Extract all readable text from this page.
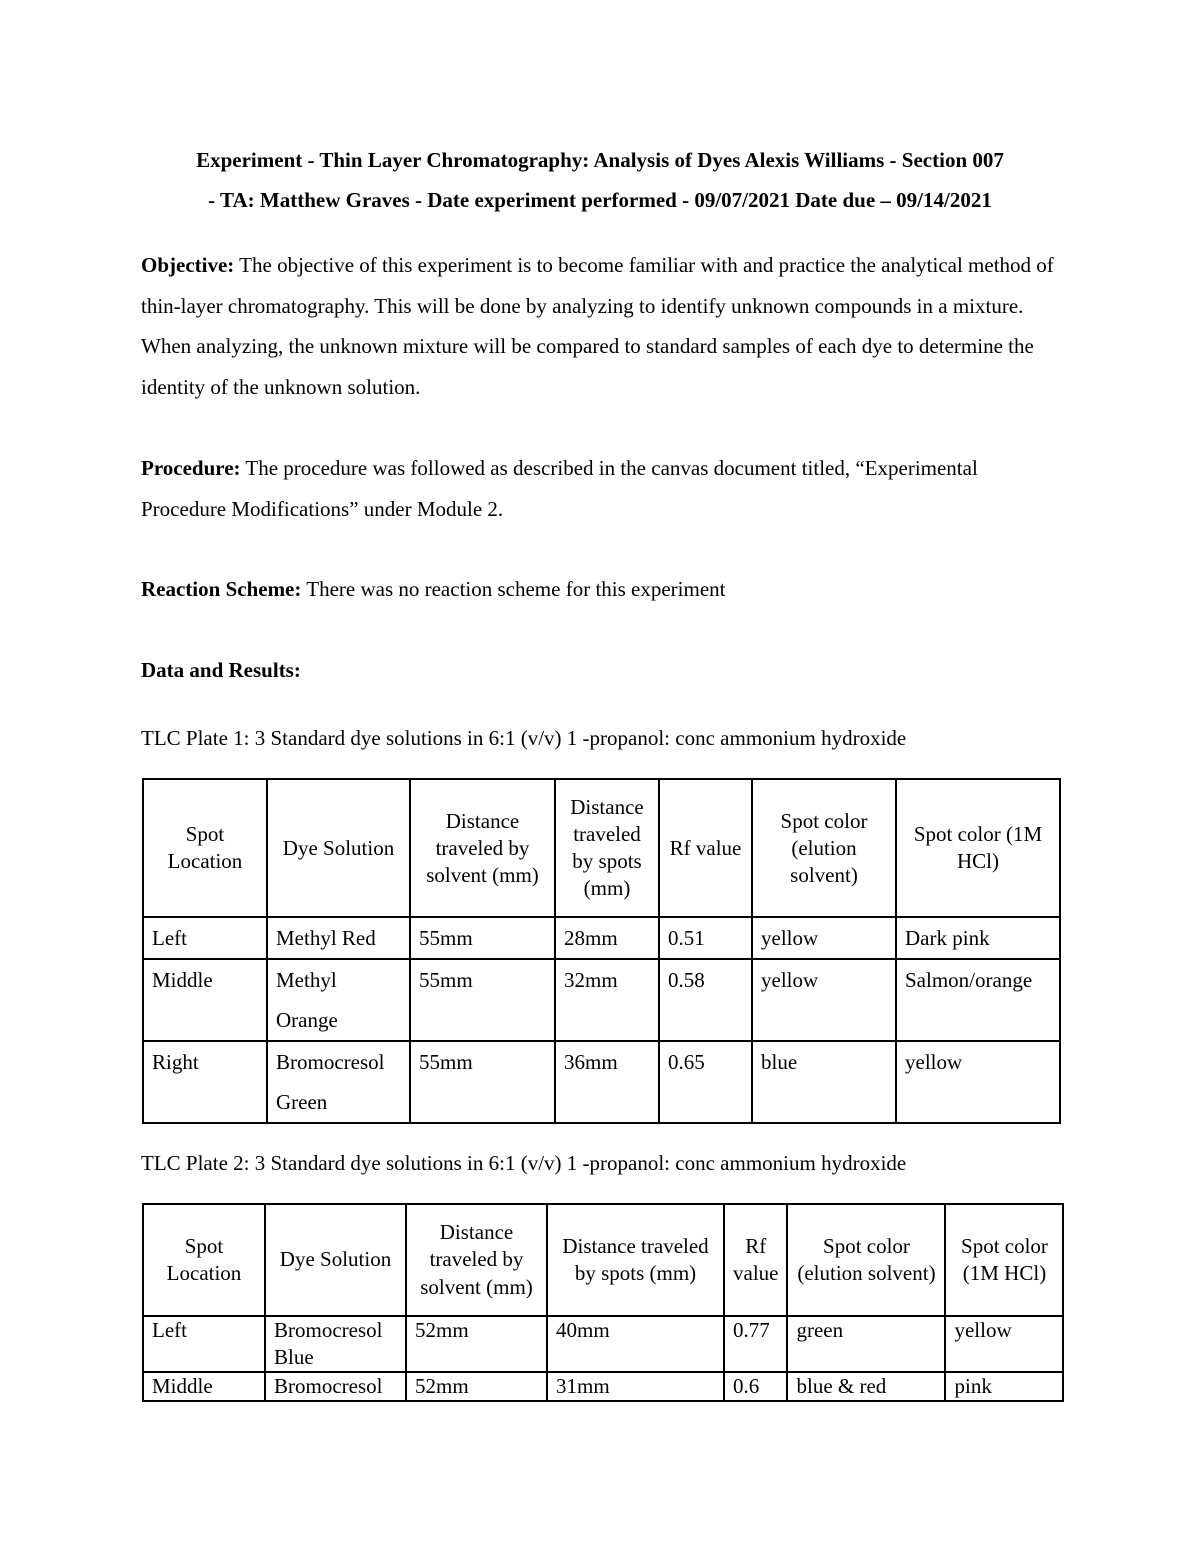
Experiment - Thin Layer Chromatography: Analysis of Dyes Alexis Williams - Section 007
- TA: Matthew Graves - Date experiment performed - 09/07/2021 Date due – 09/14/2021
Objective: The objective of this experiment is to become familiar with and practice the analytical method of thin-layer chromatography. This will be done by analyzing to identify unknown compounds in a mixture. When analyzing, the unknown mixture will be compared to standard samples of each dye to determine the identity of the unknown solution.
Procedure: The procedure was followed as described in the canvas document titled, “Experimental Procedure Modifications” under Module 2.
Reaction Scheme: There was no reaction scheme for this experiment
Data and Results:
TLC Plate 1: 3 Standard dye solutions in 6:1 (v/v) 1 -propanol: conc ammonium hydroxide
Spot Location	Dye Solution	Distance traveled by solvent (mm)	Distance traveled by spots (mm)	Rf value	Spot color (elution solvent)	Spot color (1M HCl)
Left	Methyl Red	55mm	28mm	0.51	yellow	Dark pink
Middle	Methyl Orange	55mm	32mm	0.58	yellow	Salmon/orange
Right	Bromocresol Green	55mm	36mm	0.65	blue	yellow
TLC Plate 2: 3 Standard dye solutions in 6:1 (v/v) 1 -propanol: conc ammonium hydroxide
Spot Location	Dye Solution	Distance traveled by solvent (mm)	Distance traveled by spots (mm)	Rf value	Spot color (elution solvent)	Spot color (1M HCl)
Left	Bromocresol Blue	52mm	40mm	0.77	green	yellow
Middle	Bromocresol	52mm	31mm	0.6	blue & red	pink
